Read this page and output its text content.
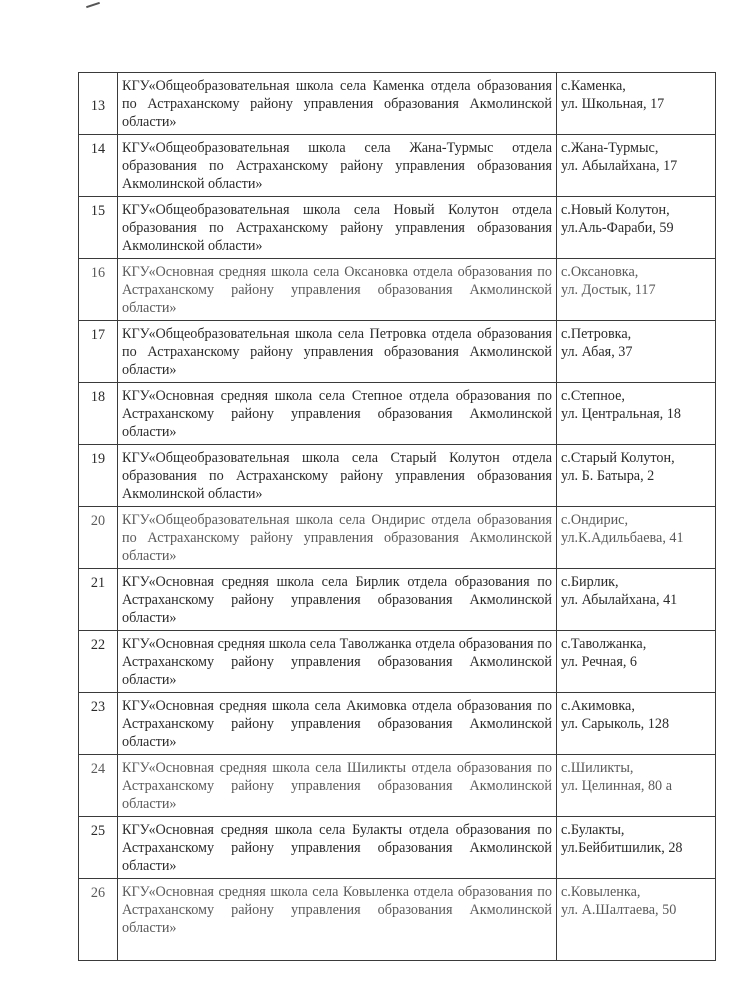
13	КГУ«Общеобразовательная школа села Каменка отдела образования по Астраханскому району управления образования Акмолинской области»	с.Каменка,
ул. Школьная, 17

14	КГУ«Общеобразовательная школа села Жана-Турмыс отдела образования по Астраханскому району управления образования Акмолинской области»	с.Жана-Турмыс,
ул. Абылайхана, 17

15	КГУ«Общеобразовательная школа села Новый Колутон отдела образования по Астраханскому району управления образования Акмолинской области»	с.Новый Колутон,
ул.Аль-Фараби, 59

16	КГУ«Основная средняя школа села Оксановка отдела образования по Астраханскому району управления образования Акмолинской области»	с.Оксановка,
ул. Достык, 117

17	КГУ«Общеобразовательная школа села Петровка отдела образования по Астраханскому району управления образования Акмолинской области»	с.Петровка,
ул. Абая, 37

18	КГУ«Основная средняя школа села Степное отдела образования по Астраханскому району управления образования Акмолинской области»	с.Степное,
ул. Центральная, 18

19	КГУ«Общеобразовательная школа села Старый Колутон отдела образования по Астраханскому району управления образования Акмолинской области»	с.Старый Колутон,
ул. Б. Батыра, 2

20	КГУ«Общеобразовательная школа села Ондирис отдела образования по Астраханскому району управления образования Акмолинской области»	с.Ондирис,
ул.К.Адильбаева, 41

21	КГУ«Основная средняя школа села Бирлик отдела образования по Астраханскому району управления образования Акмолинской области»	с.Бирлик,
ул. Абылайхана, 41

22	КГУ«Основная средняя школа села Таволжанка отдела образования по Астраханскому району управления образования Акмолинской области»	с.Таволжанка,
ул. Речная, 6

23	КГУ«Основная средняя школа села Акимовка отдела образования по Астраханскому району управления образования Акмолинской области»	с.Акимовка,
ул. Сарыколь, 128

24	КГУ«Основная средняя школа села Шиликты отдела образования по Астраханскому району управления образования Акмолинской области»	с.Шиликты,
ул. Целинная, 80 а

25	КГУ«Основная средняя школа села Булакты отдела образования по Астраханскому району управления образования Акмолинской области»	с.Булакты,
ул.Бейбитшилик, 28

26	КГУ«Основная средняя школа села Ковыленка отдела образования по Астраханскому району управления образования Акмолинской области»	с.Ковыленка,
ул. А.Шалтаева, 50
